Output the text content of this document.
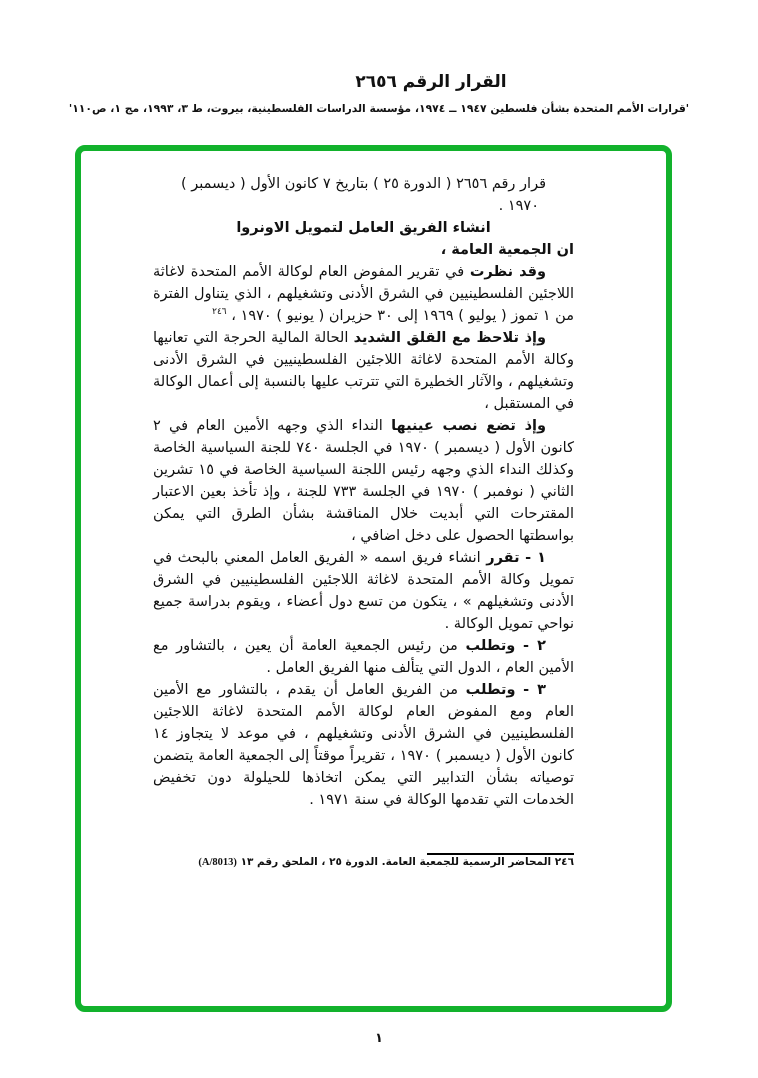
القرار الرقم ٢٦٥٦
'قرارات الأمم المتحدة بشأن فلسطين ١٩٤٧ ــ ١٩٧٤، مؤسسة الدراسات الفلسطينية، بيروت، ط ٣، ١٩٩٣، مج ١، ص١١٠'

قرار رقم ٢٦٥٦ ( الدورة ٢٥ ) بتاريخ ٧ كانون الأول ( ديسمبر )

١٩٧٠ .

انشاء الفريق العامل لتمويل الاونروا

ان الجمعية العامة ،

وقد نظرت في تقرير المفوض العام لوكالة الأمم المتحدة لاغاثة اللاجئين الفلسطينيين في الشرق الأدنى وتشغيلهم ، الذي يتناول الفترة من ١ تموز ( يوليو ) ١٩٦٩ إلى ٣٠ حزيران ( يونيو ) ١٩٧٠ ، $^{٢٤٦}$

وإذ تلاحظ مع القلق الشديد الحالة المالية الحرجة التي تعانيها وكالة الأمم المتحدة لاغاثة اللاجئين الفلسطينيين في الشرق الأدنى وتشغيلهم ، والآثار الخطيرة التي تترتب عليها بالنسبة إلى أعمال الوكالة في المستقبل ،

وإذ تضع نصب عينيها النداء الذي وجهه الأمين العام في ٢ كانون الأول ( ديسمبر ) ١٩٧٠ في الجلسة ٧٤٠ للجنة السياسية الخاصة وكذلك النداء الذي وجهه رئيس اللجنة السياسية الخاصة في ١٥ تشرين الثاني ( نوفمبر ) ١٩٧٠ في الجلسة ٧٣٣ للجنة ، وإذ تأخذ بعين الاعتبار المقترحات التي أبديت خلال المناقشة بشأن الطرق التي يمكن بواسطتها الحصول على دخل اضافي ،

١ - تقرر انشاء فريق اسمه « الفريق العامل المعني بالبحث في تمويل وكالة الأمم المتحدة لاغاثة اللاجئين الفلسطينيين في الشرق الأدنى وتشغيلهم » ، يتكون من تسع دول أعضاء ، ويقوم بدراسة جميع نواحي تمويل الوكالة .

٢ - وتطلب من رئيس الجمعية العامة أن يعين ، بالتشاور مع الأمين العام ، الدول التي يتألف منها الفريق العامل .

٣ - وتطلب من الفريق العامل أن يقدم ، بالتشاور مع الأمين العام ومع المفوض العام لوكالة الأمم المتحدة لاغاثة اللاجئين الفلسطينيين في الشرق الأدنى وتشغيلهم ، في موعد لا يتجاوز ١٤ كانون الأول ( ديسمبر ) ١٩٧٠ ، تقريراً موقتاً إلى الجمعية العامة يتضمن توصياته بشأن التدابير التي يمكن اتخاذها للحيلولة دون تخفيض الخدمات التي تقدمها الوكالة في سنة ١٩٧١ .

٢٤٦ المحاضر الرسمية للجمعية العامة. الدورة ٢٥ ، الملحق رقم ١٣ (A/8013)

١
